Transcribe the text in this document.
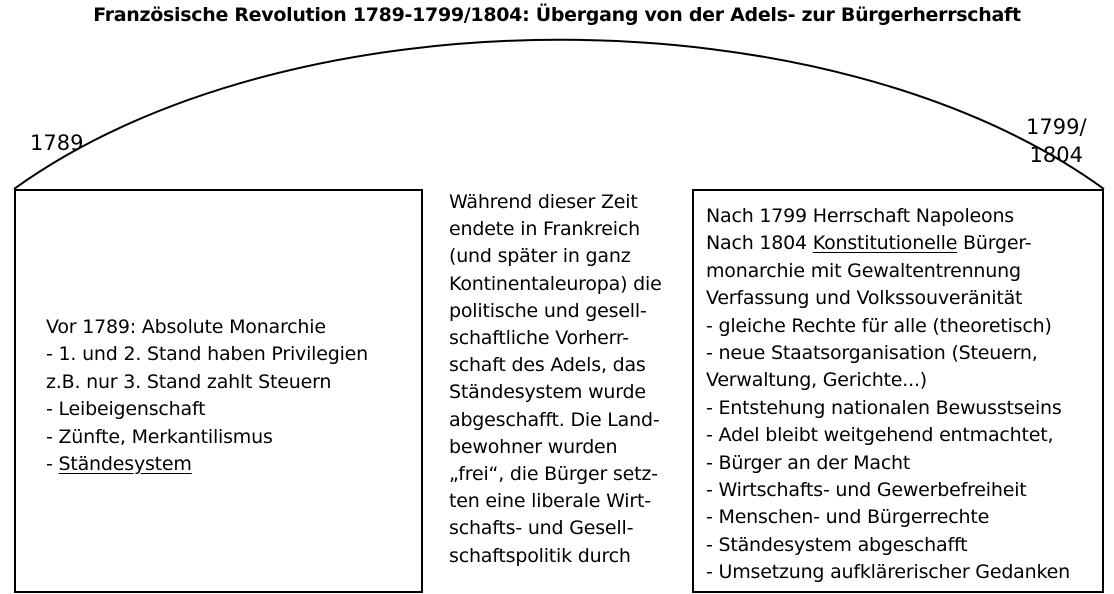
Französische Revolution 1789-1799/1804: Übergang von der Adels- zur Bürgerherrschaft
1789
1799/
1804
Vor 1789: Absolute Monarchie
- 1. und 2. Stand haben Privilegien
z.B. nur 3. Stand zahlt Steuern
- Leibeigenschaft
- Zünfte, Merkantilismus
- Ständesystem
Während dieser Zeit
endete in Frankreich
(und später in ganz
Kontinentaleuropa) die
politische und gesell-
schaftliche Vorherr-
schaft des Adels, das
Ständesystem wurde
abgeschafft. Die Land-
bewohner wurden
„frei“, die Bürger setz-
ten eine liberale Wirt-
schafts- und Gesell-
schaftspolitik durch
Nach 1799 Herrschaft Napoleons
Nach 1804 Konstitutionelle Bürger-
monarchie mit Gewaltentrennung
Verfassung und Volkssouveränität
- gleiche Rechte für alle (theoretisch)
- neue Staatsorganisation (Steuern,
Verwaltung, Gerichte...)
- Entstehung nationalen Bewusstseins
- Adel bleibt weitgehend entmachtet,
- Bürger an der Macht
- Wirtschafts- und Gewerbefreiheit
- Menschen- und Bürgerrechte
- Ständesystem abgeschafft
- Umsetzung aufklärerischer Gedanken
